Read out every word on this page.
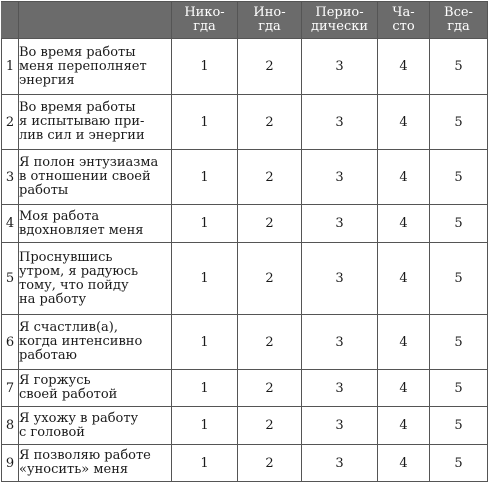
		Нико-
гда	Ино-
гда	Перио-
дически	Ча-
сто	Все-
гда

1	Во время работы
меня переполняет
энергия	1	2	3	4	5
2	Во время работы
я испытываю при-
лив сил и энергии	1	2	3	4	5
3	Я полон энтузиазма
в отношении своей
работы	1	2	3	4	5
4	Моя работа
вдохновляет меня	1	2	3	4	5
5	Проснувшись
утром, я радуюсь
тому, что пойду
на работу	1	2	3	4	5
6	Я счастлив(а),
когда интенсивно
работаю	1	2	3	4	5
7	Я горжусь
своей работой	1	2	3	4	5
8	Я ухожу в работу
с головой	1	2	3	4	5
9	Я позволяю работе
«уносить» меня	1	2	3	4	5
